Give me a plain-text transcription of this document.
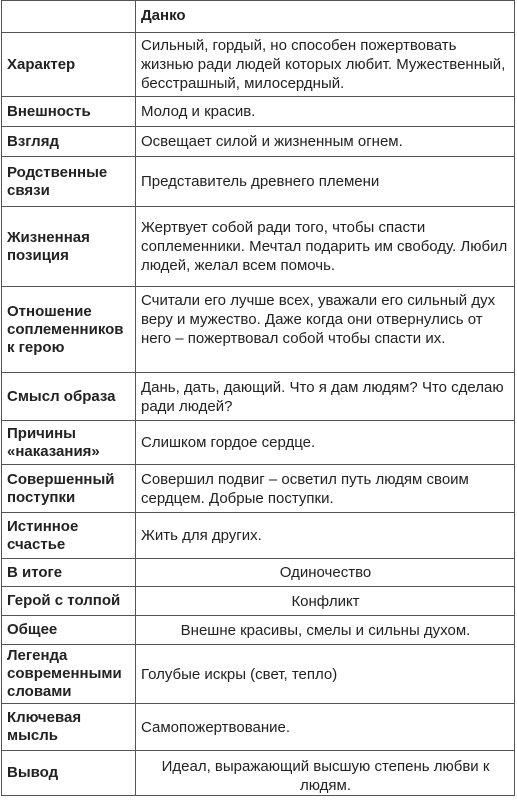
	Данко
Характер	Сильный, гордый, но способен пожертвовать жизнью ради людей которых любит. Мужественный, бесстрашный, милосердный.
Внешность	Молод и красив.
Взгляд	Освещает силой и жизненным огнем.
Родственные связи	Представитель древнего племени
Жизненная позиция	Жертвует собой ради того, чтобы спасти соплеменники. Мечтал подарить им свободу. Любил людей, желал всем помочь.
Отношение соплеменников к герою	Считали его лучше всех, уважали его сильный дух веру и мужество. Даже когда они отвернулись от него – пожертвовал собой чтобы спасти их.
Смысл образа	Дань, дать, дающий. Что я дам людям? Что сделаю ради людей?
Причины «наказания»	Слишком гордое сердце.
Совершенный поступки	Совершил подвиг – осветил путь людям своим сердцем. Добрые поступки.
Истинное счастье	Жить для других.
В итоге	Одиночество
Герой с толпой	Конфликт
Общее	Внешне красивы, смелы и сильны духом.
Легенда современными словами	Голубые искры (свет, тепло)
Ключевая мысль	Самопожертвование.
Вывод	Идеал, выражающий высшую степень любви к людям.
